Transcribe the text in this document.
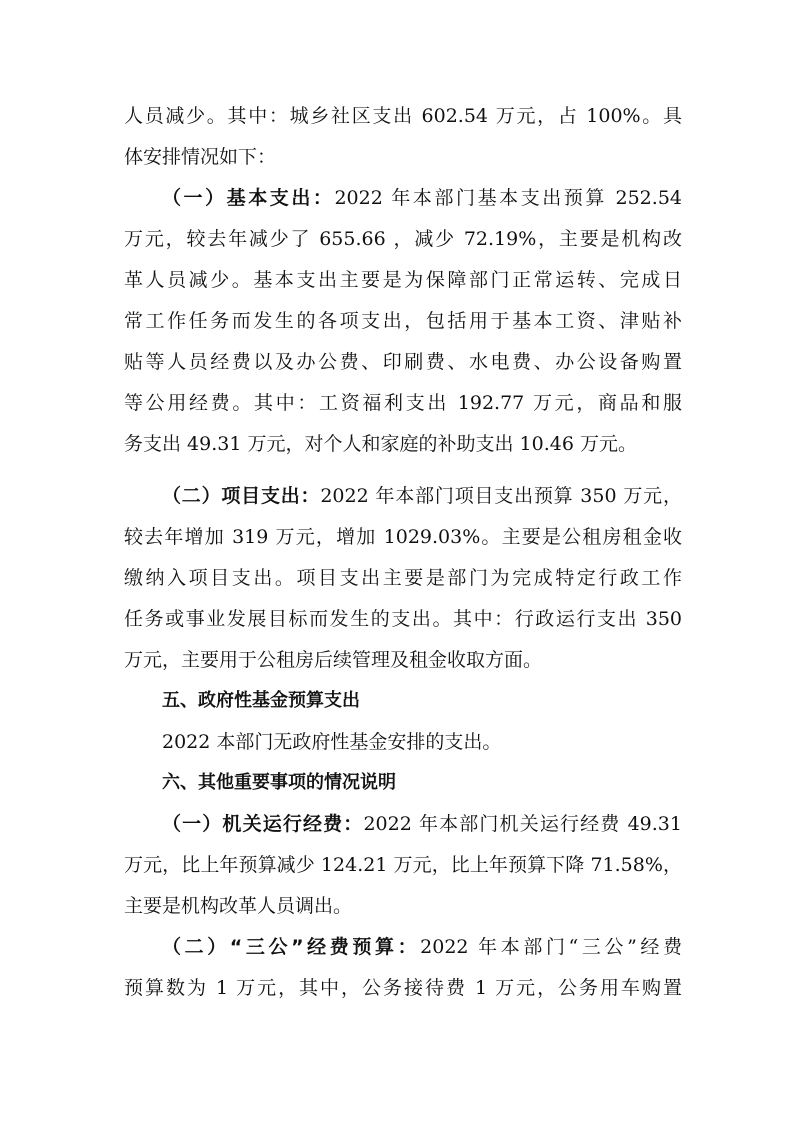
人员减少。其中：城乡社区支出 602.54 万元，占 100%。具
体安排情况如下：
（一）基本支出：2022 年本部门基本支出预算 252.54
万元，较去年减少了 655.66 ，减少 72.19%，主要是机构改
革人员减少。基本支出主要是为保障部门正常运转、完成日
常工作任务而发生的各项支出，包括用于基本工资、津贴补
贴等人员经费以及办公费、印刷费、水电费、办公设备购置
等公用经费。其中：工资福利支出 192.77 万元，商品和服
务支出 49.31 万元，对个人和家庭的补助支出 10.46 万元。
（二）项目支出：2022 年本部门项目支出预算 350 万元，
较去年增加 319 万元，增加 1029.03%。主要是公租房租金收
缴纳入项目支出。项目支出主要是部门为完成特定行政工作
任务或事业发展目标而发生的支出。其中：行政运行支出 350
万元，主要用于公租房后续管理及租金收取方面。
五、政府性基金预算支出
2022 本部门无政府性基金安排的支出。
六、其他重要事项的情况说明
（一）机关运行经费：2022 年本部门机关运行经费 49.31
万元，比上年预算减少 124.21 万元，比上年预算下降 71.58%，
主要是机构改革人员调出。
（二）“三公”经费预算：2022 年本部门“三公”经费
预算数为 1 万元，其中，公务接待费 1 万元，公务用车购置
